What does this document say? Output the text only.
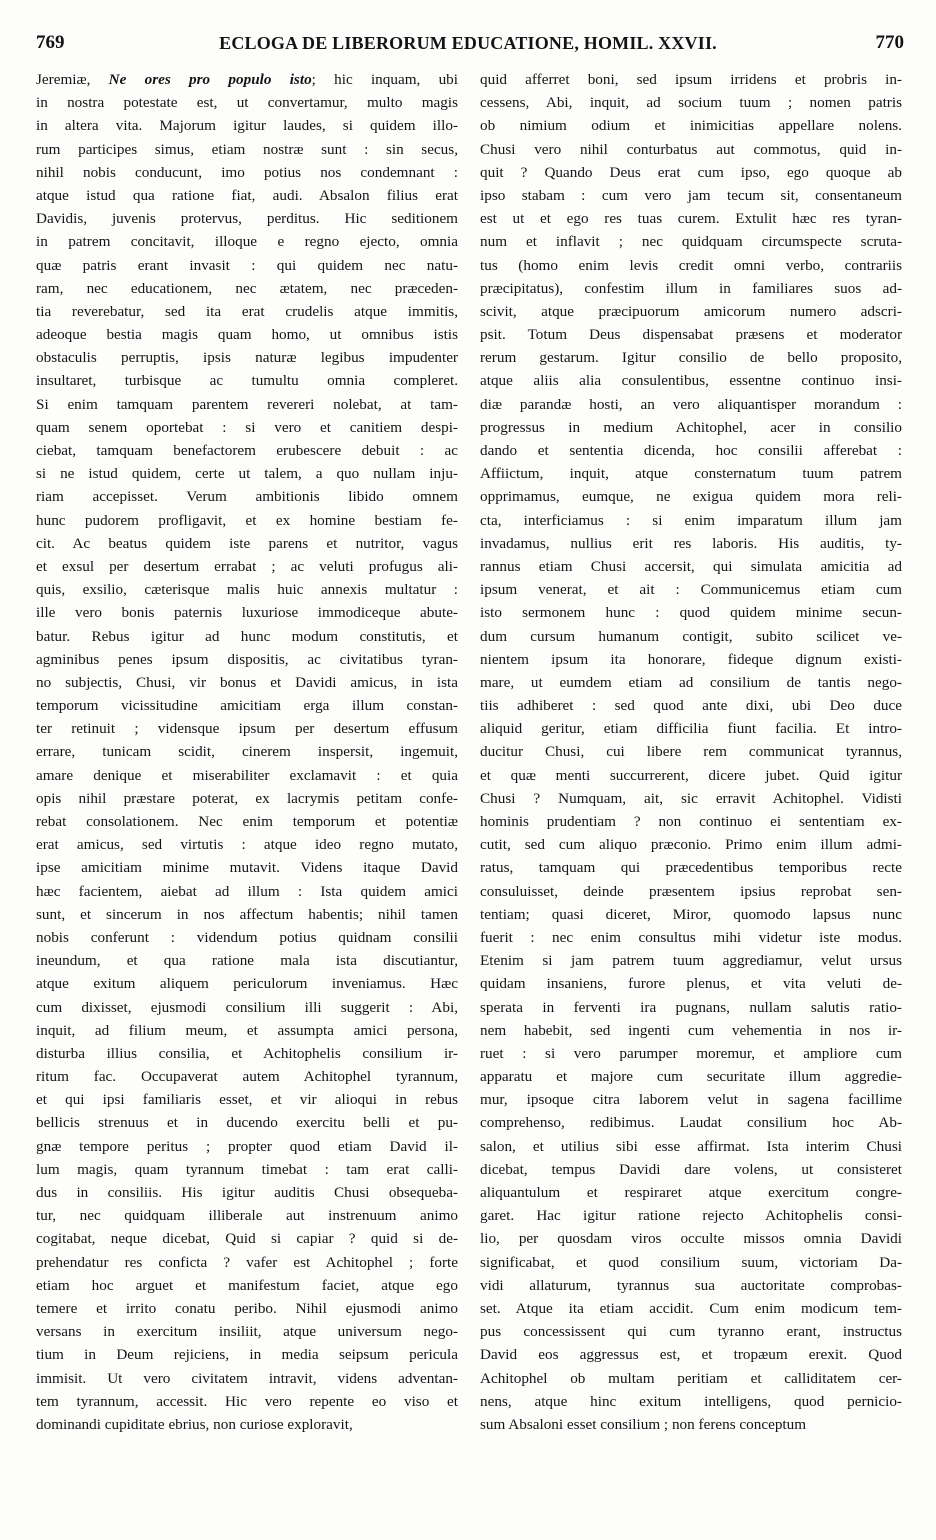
769	ECLOGA DE LIBERORUM EDUCATIONE, HOMIL. XXVII.	770
Jeremiæ, Ne ores pro populo isto; hic inquam, ubi
in nostra potestate est, ut convertamur, multo magis
in altera vita. Majorum igitur laudes, si quidem illo-
rum participes simus, etiam nostræ sunt : sin secus,
nihil nobis conducunt, imo potius nos condemnant :
atque istud qua ratione fiat, audi. Absalon filius erat
Davidis, juvenis protervus, perditus. Hic seditionem
in patrem concitavit, illoque e regno ejecto, omnia
quæ patris erant invasit : qui quidem nec natu-
ram, nec educationem, nec ætatem, nec præceden-
tia reverebatur, sed ita erat crudelis atque immitis,
adeoque bestia magis quam homo, ut omnibus istis
obstaculis perruptis, ipsis naturæ legibus impudenter
insultaret, turbisque ac tumultu omnia compleret.
Si enim tamquam parentem revereri nolebat, at tam-
quam senem oportebat : si vero et canitiem despi-
ciebat, tamquam benefactorem erubescere debuit : ac
si ne istud quidem, certe ut talem, a quo nullam inju-
riam accepisset. Verum ambitionis libido omnem
hunc pudorem profligavit, et ex homine bestiam fe-
cit. Ac beatus quidem iste parens et nutritor, vagus
et exsul per desertum errabat ; ac veluti profugus ali-
quis, exsilio, cæterisque malis huic annexis multatur :
ille vero bonis paternis luxuriose immodiceque abute-
batur. Rebus igitur ad hunc modum constitutis, et
agminibus penes ipsum dispositis, ac civitatibus tyran-
no subjectis, Chusi, vir bonus et Davidi amicus, in ista
temporum vicissitudine amicitiam erga illum constan-
ter retinuit ; vidensque ipsum per desertum effusum
errare, tunicam scidit, cinerem inspersit, ingemuit,
amare denique et miserabiliter exclamavit : et quia
opis nihil præstare poterat, ex lacrymis petitam confe-
rebat consolationem. Nec enim temporum et potentiæ
erat amicus, sed virtutis : atque ideo regno mutato,
ipse amicitiam minime mutavit. Videns itaque David
hæc facientem, aiebat ad illum : Ista quidem amici
sunt, et sincerum in nos affectum habentis; nihil tamen
nobis conferunt : videndum potius quidnam consilii
ineundum, et qua ratione mala ista discutiantur,
atque exitum aliquem periculorum inveniamus. Hæc
cum dixisset, ejusmodi consilium illi suggerit : Abi,
inquit, ad filium meum, et assumpta amici persona,
disturba illius consilia, et Achitophelis consilium ir-
ritum fac. Occupaverat autem Achitophel tyrannum,
et qui ipsi familiaris esset, et vir alioqui in rebus
bellicis strenuus et in ducendo exercitu belli et pu-
gnæ tempore peritus ; propter quod etiam David il-
lum magis, quam tyrannum timebat : tam erat calli-
dus in consiliis. His igitur auditis Chusi obsequeba-
tur, nec quidquam illiberale aut instrenuum animo
cogitabat, neque dicebat, Quid si capiar ? quid si de-
prehendatur res conficta ? vafer est Achitophel ; forte
etiam hoc arguet et manifestum faciet, atque ego
temere et irrito conatu peribo. Nihil ejusmodi animo
versans in exercitum insiliit, atque universum nego-
tium in Deum rejiciens, in media seipsum pericula
immisit. Ut vero civitatem intravit, videns adventan-
tem tyrannum, accessit. Hic vero repente eo viso et
dominandi cupiditate ebrius, non curiose exploravit,
quid afferret boni, sed ipsum irridens et probris in-
cessens, Abi, inquit, ad socium tuum ; nomen patris
ob nimium odium et inimicitias appellare nolens.
Chusi vero nihil conturbatus aut commotus, quid in-
quit ? Quando Deus erat cum ipso, ego quoque ab
ipso stabam : cum vero jam tecum sit, consentaneum
est ut et ego res tuas curem. Extulit hæc res tyran-
num et inflavit ; nec quidquam circumspecte scruta-
tus (homo enim levis credit omni verbo, contrariis
præcipitatus), confestim illum in familiares suos ad-
scivit, atque præcipuorum amicorum numero adscri-
psit. Totum Deus dispensabat præsens et moderator
rerum gestarum. Igitur consilio de bello proposito,
atque aliis alia consulentibus, essentne continuo insi-
diæ parandæ hosti, an vero aliquantisper morandum :
progressus in medium Achitophel, acer in consilio
dando et sententia dicenda, hoc consilii afferebat :
Affiictum, inquit, atque consternatum tuum patrem
opprimamus, eumque, ne exigua quidem mora reli-
cta, interficiamus : si enim imparatum illum jam
invadamus, nullius erit res laboris. His auditis, ty-
rannus etiam Chusi accersit, qui simulata amicitia ad
ipsum venerat, et ait : Communicemus etiam cum
isto sermonem hunc : quod quidem minime secun-
dum cursum humanum contigit, subito scilicet ve-
nientem ipsum ita honorare, fideque dignum existi-
mare, ut eumdem etiam ad consilium de tantis nego-
tiis adhiberet : sed quod ante dixi, ubi Deo duce
aliquid geritur, etiam difficilia fiunt facilia. Et intro-
ducitur Chusi, cui libere rem communicat tyrannus,
et quæ menti succurrerent, dicere jubet. Quid igitur
Chusi ? Numquam, ait, sic erravit Achitophel. Vidisti
hominis prudentiam ? non continuo ei sententiam ex-
cutit, sed cum aliquo præconio. Primo enim illum admi-
ratus, tamquam qui præcedentibus temporibus recte
consuluisset, deinde præsentem ipsius reprobat sen-
tentiam; quasi diceret, Miror, quomodo lapsus nunc
fuerit : nec enim consultus mihi videtur iste modus.
Etenim si jam patrem tuum aggrediamur, velut ursus
quidam insaniens, furore plenus, et vita veluti de-
sperata in ferventi ira pugnans, nullam salutis ratio-
nem habebit, sed ingenti cum vehementia in nos ir-
ruet : si vero parumper moremur, et ampliore cum
apparatu et majore cum securitate illum aggredie-
mur, ipsoque citra laborem velut in sagena facillime
comprehenso, redibimus. Laudat consilium hoc Ab-
salon, et utilius sibi esse affirmat. Ista interim Chusi
dicebat, tempus Davidi dare volens, ut consisteret
aliquantulum et respiraret atque exercitum congre-
garet. Hac igitur ratione rejecto Achitophelis consi-
lio, per quosdam viros occulte missos omnia Davidi
significabat, et quod consilium suum, victoriam Da-
vidi allaturum, tyrannus sua auctoritate comprobas-
set. Atque ita etiam accidit. Cum enim modicum tem-
pus concessissent qui cum tyranno erant, instructus
David eos aggressus est, et tropæum erexit. Quod
Achitophel ob multam peritiam et calliditatem cer-
nens, atque hinc exitum intelligens, quod pernicio-
sum Absaloni esset consilium ; non ferens conceptum
